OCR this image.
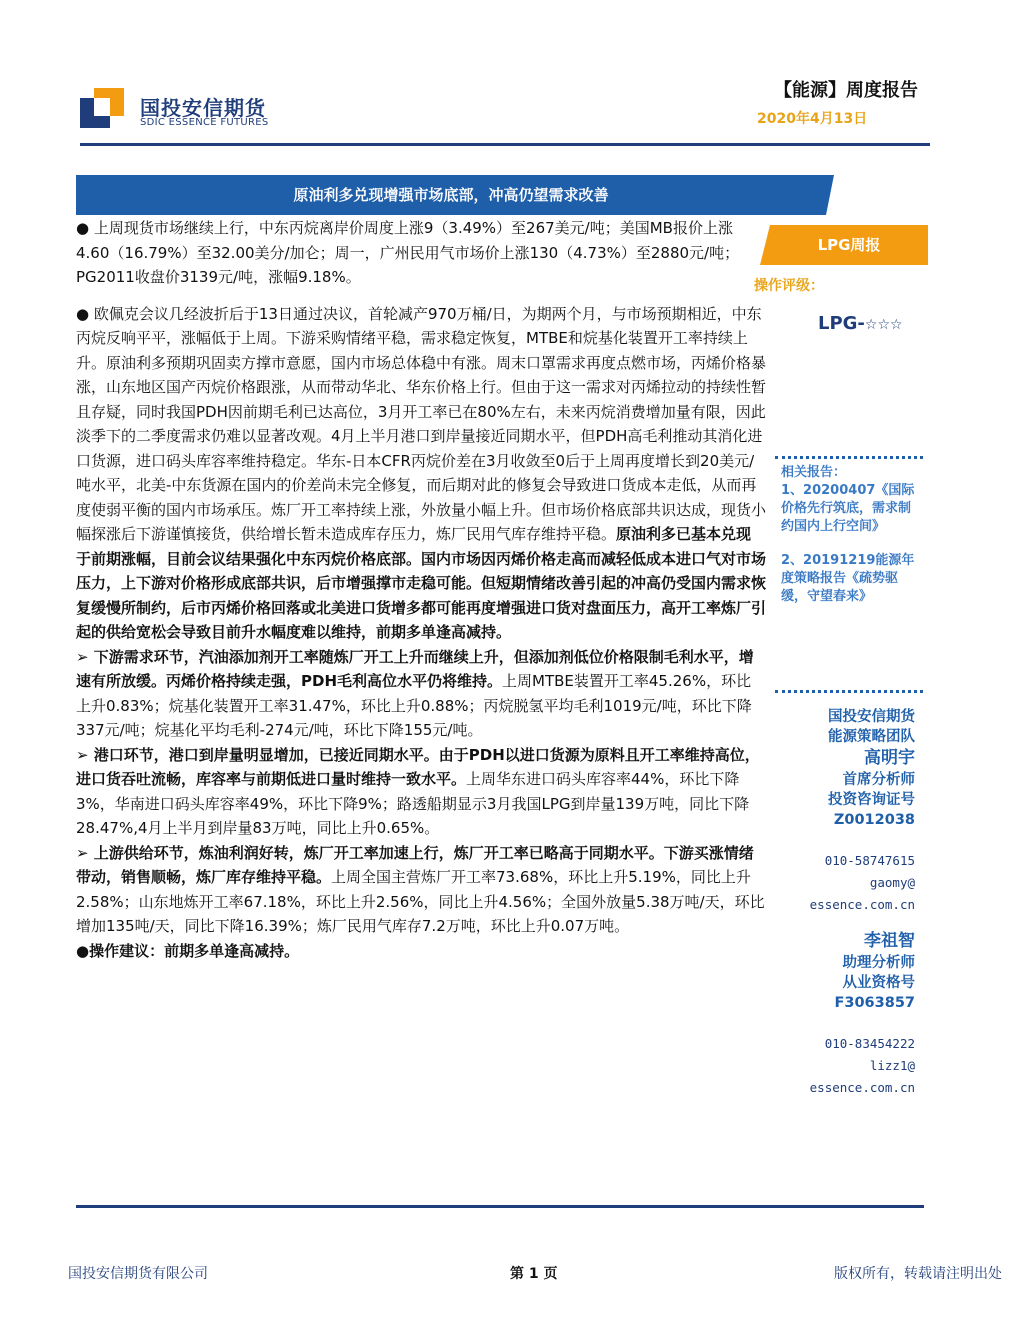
国投安信期货
SDIC ESSENCE FUTURES
【能源】周度报告
2020年4月13日
原油利多兑现增强市场底部，冲高仍望需求改善

● 上周现货市场继续上行，中东丙烷离岸价周度上涨9（3.49%）至267美元/吨；美国MB报价上涨4.60（16.79%）至32.00美分/加仑；周一，广州民用气市场价上涨130（4.73%）至2880元/吨；PG2011收盘价3139元/吨，涨幅9.18%。

● 欧佩克会议几经波折后于13日通过决议，首轮减产970万桶/日，为期两个月，与市场预期相近，中东丙烷反响平平，涨幅低于上周。下游采购情绪平稳，需求稳定恢复，MTBE和烷基化装置开工率持续上升。原油利多预期巩固卖方撑市意愿，国内市场总体稳中有涨。周末口罩需求再度点燃市场，丙烯价格暴涨，山东地区国产丙烷价格跟涨，从而带动华北、华东价格上行。但由于这一需求对丙烯拉动的持续性暂且存疑，同时我国PDH因前期毛利已达高位，3月开工率已在80%左右，未来丙烷消费增加量有限，因此淡季下的二季度需求仍难以显著改观。4月上半月港口到岸量接近同期水平，但PDH高毛利推动其消化进口货源，进口码头库容率维持稳定。华东-日本CFR丙烷价差在3月收敛至0后于上周再度增长到20美元/吨水平，北美-中东货源在国内的价差尚未完全修复，而后期对此的修复会导致进口货成本走低，从而再度使弱平衡的国内市场承压。炼厂开工率持续上涨，外放量小幅上升。但市场价格底部共识达成，现货小幅探涨后下游谨慎接货，供给增长暂未造成库存压力，炼厂民用气库存维持平稳。原油利多已基本兑现于前期涨幅，目前会议结果强化中东丙烷价格底部。国内市场因丙烯价格走高而减轻低成本进口气对市场压力，上下游对价格形成底部共识，后市增强撑市走稳可能。但短期情绪改善引起的冲高仍受国内需求恢复缓慢所制约，后市丙烯价格回落或北美进口货增多都可能再度增强进口货对盘面压力，高开工率炼厂引起的供给宽松会导致目前升水幅度难以维持，前期多单逢高减持。

➢ 下游需求环节，汽油添加剂开工率随炼厂开工上升而继续上升，但添加剂低位价格限制毛利水平，增速有所放缓。丙烯价格持续走强，PDH毛利高位水平仍将维持。上周MTBE装置开工率45.26%，环比上升0.83%；烷基化装置开工率31.47%，环比上升0.88%；丙烷脱氢平均毛利1019元/吨，环比下降337元/吨；烷基化平均毛利-274元/吨，环比下降155元/吨。

➢ 港口环节，港口到岸量明显增加，已接近同期水平。由于PDH以进口货源为原料且开工率维持高位，进口货吞吐流畅，库容率与前期低进口量时维持一致水平。上周华东进口码头库容率44%，环比下降3%，华南进口码头库容率49%，环比下降9%；路透船期显示3月我国LPG到岸量139万吨，同比下降28.47%,4月上半月到岸量83万吨，同比上升0.65%。

➢ 上游供给环节，炼油利润好转，炼厂开工率加速上行，炼厂开工率已略高于同期水平。下游买涨情绪带动，销售顺畅，炼厂库存维持平稳。上周全国主营炼厂开工率73.68%，环比上升5.19%，同比上升2.58%；山东地炼开工率67.18%，环比上升2.56%，同比上升4.56%；全国外放量5.38万吨/天，环比增加135吨/天，同比下降16.39%；炼厂民用气库存7.2万吨，环比上升0.07万吨。

●操作建议：前期多单逢高减持。

LPG周报
操作评级：
LPG-☆☆☆

相关报告：

1、20200407《国际价格先行筑底，需求制约国内上行空间》

2、20191219能源年度策略报告《疏势驱缓，守望春来》

国投安信期货

能源策略团队

高明宇

首席分析师

投资咨询证号

Z0012038

010-58747615

gaomy@

essence.com.cn

李祖智

助理分析师

从业资格号

F3063857

010-83454222

lizz1@

essence.com.cn

国投安信期货有限公司	第 1 页	版权所有，转载请注明出处
